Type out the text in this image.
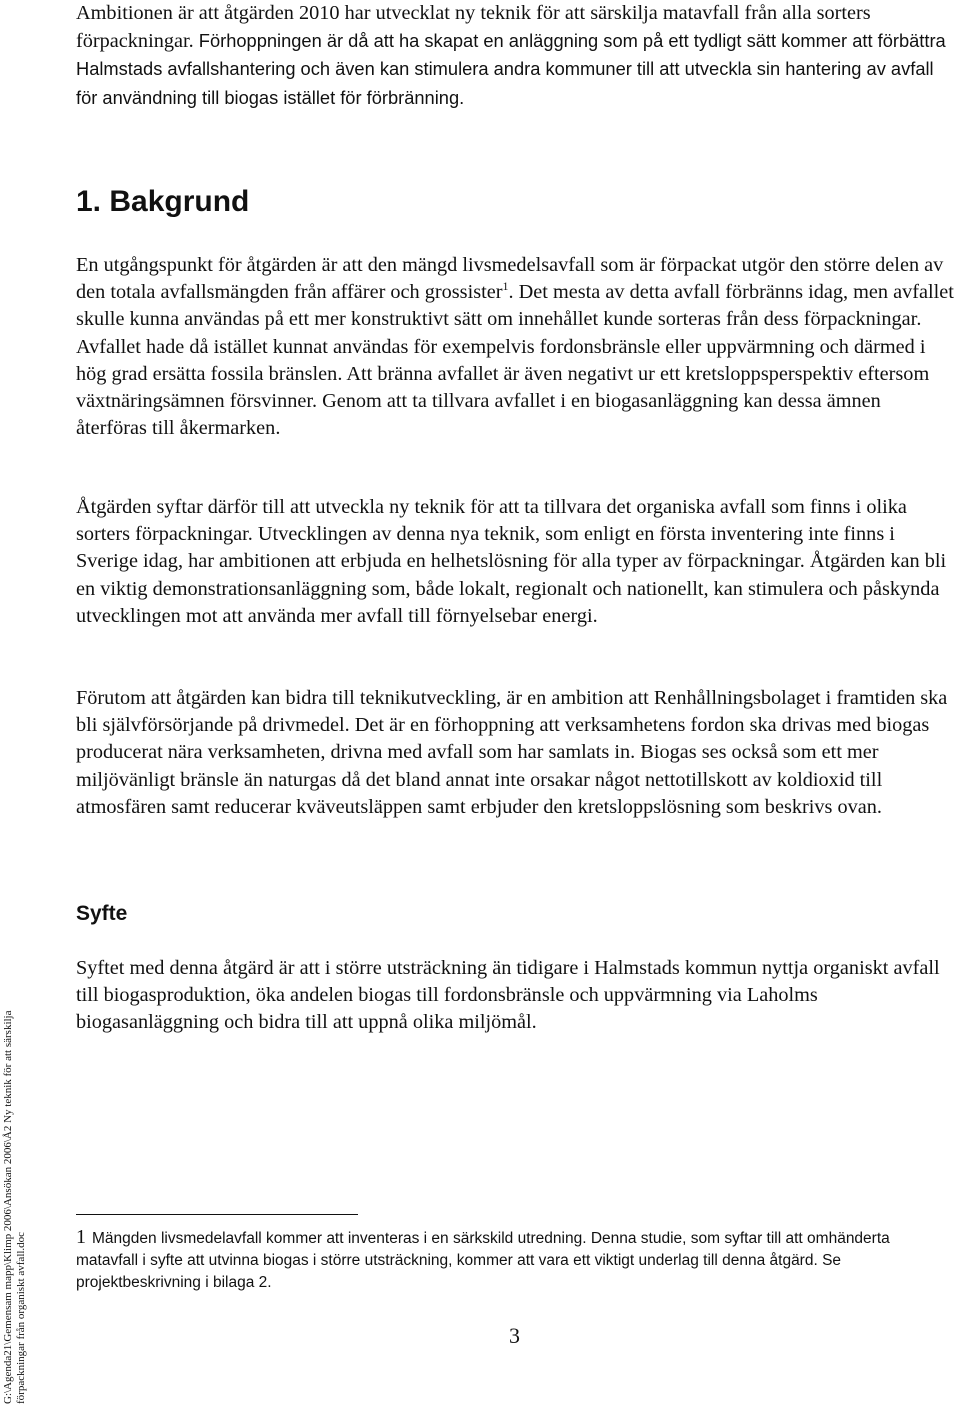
Ambitionen är att åtgärden 2010 har utvecklat ny teknik för att särskilja matavfall från alla sorters förpackningar. Förhoppningen är då att ha skapat en anläggning som på ett tydligt sätt kommer att förbättra Halmstads avfallshantering och även kan stimulera andra kommuner till att utveckla sin hantering av avfall för användning till biogas istället för förbränning.

1. Bakgrund

En utgångspunkt för åtgärden är att den mängd livsmedelsavfall som är förpackat utgör den större delen av den totala avfallsmängden från affärer och grossister$^1$. Det mesta av detta avfall förbränns idag, men avfallet skulle kunna användas på ett mer konstruktivt sätt om innehållet kunde sorteras från dess förpackningar. Avfallet hade då istället kunnat användas för exempelvis fordonsbränsle eller uppvärmning och därmed i hög grad ersätta fossila bränslen. Att bränna avfallet är även negativt ur ett kretsloppsperspektiv eftersom växtnäringsämnen försvinner. Genom att ta tillvara avfallet i en biogasanläggning kan dessa ämnen återföras till åkermarken.

Åtgärden syftar därför till att utveckla ny teknik för att ta tillvara det organiska avfall som finns i olika sorters förpackningar. Utvecklingen av denna nya teknik, som enligt en första inventering inte finns i Sverige idag, har ambitionen att erbjuda en helhetslösning för alla typer av förpackningar. Åtgärden kan bli en viktig demonstrationsanläggning som, både lokalt, regionalt och nationellt, kan stimulera och påskynda utvecklingen mot att använda mer avfall till förnyelsebar energi.

Förutom att åtgärden kan bidra till teknikutveckling, är en ambition att Renhållningsbolaget i framtiden ska bli självförsörjande på drivmedel. Det är en förhoppning att verksamhetens fordon ska drivas med biogas producerat nära verksamheten, drivna med avfall som har samlats in. Biogas ses också som ett mer miljövänligt bränsle än naturgas då det bland annat inte orsakar något nettotillskott av koldioxid till atmosfären samt reducerar kväveutsläppen samt erbjuder den kretsloppslösning som beskrivs ovan.

Syfte

Syftet med denna åtgärd är att i större utsträckning än tidigare i Halmstads kommun nyttja organiskt avfall till biogasproduktion, öka andelen biogas till fordonsbränsle och uppvärmning via Laholms biogasanläggning och bidra till att uppnå olika miljömål.

1 Mängden livsmedelavfall kommer att inventeras i en särkskild utredning. Denna studie, som syftar till att omhänderta matavfall i syfte att utvinna biogas i större utsträckning, kommer att vara ett viktigt underlag till denna åtgärd. Se projektbeskrivning i bilaga 2.

3

G:\Agenda21\Gemensam mapp\Klimp 2006\Ansökan 2006\Å2 Ny teknik för att särskilja förpackningar från organiskt avfall.doc
